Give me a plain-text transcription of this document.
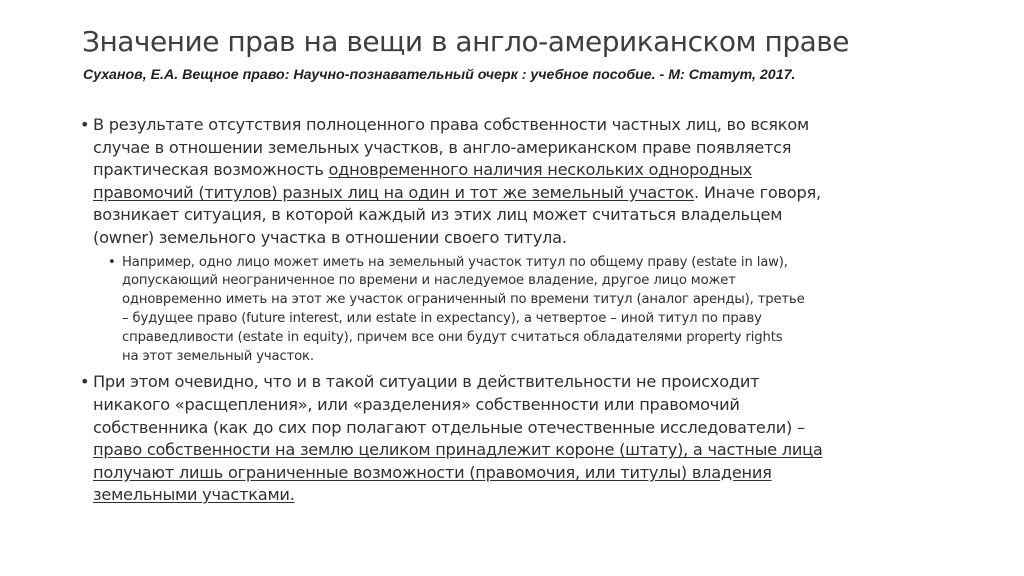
Значение прав на вещи в англо-американском праве
Суханов, Е.А. Вещное право: Научно-познавательный очерк : учебное пособие. - М: Статут, 2017.
• В результате отсутствия полноценного права собственности частных лиц, во всяком
случае в отношении земельных участков, в англо-американском праве появляется
практическая возможность одновременного наличия нескольких однородных
правомочий (титулов) разных лиц на один и тот же земельный участок. Иначе говоря,
возникает ситуация, в которой каждый из этих лиц может считаться владельцем
(owner) земельного участка в отношении своего титула.
• Например, одно лицо может иметь на земельный участок титул по общему праву (estate in law),
допускающий неограниченное по времени и наследуемое владение, другое лицо может
одновременно иметь на этот же участок ограниченный по времени титул (аналог аренды), третье
– будущее право (future interest, или estate in expectancy), а четвертое – иной титул по праву
справедливости (estate in equity), причем все они будут считаться обладателями property rights
на этот земельный участок.
• При этом очевидно, что и в такой ситуации в действительности не происходит
никакого «расщепления», или «разделения» собственности или правомочий
собственника (как до сих пор полагают отдельные отечественные исследователи) –
право собственности на землю целиком принадлежит короне (штату), а частные лица
получают лишь ограниченные возможности (правомочия, или титулы) владения
земельными участками.
